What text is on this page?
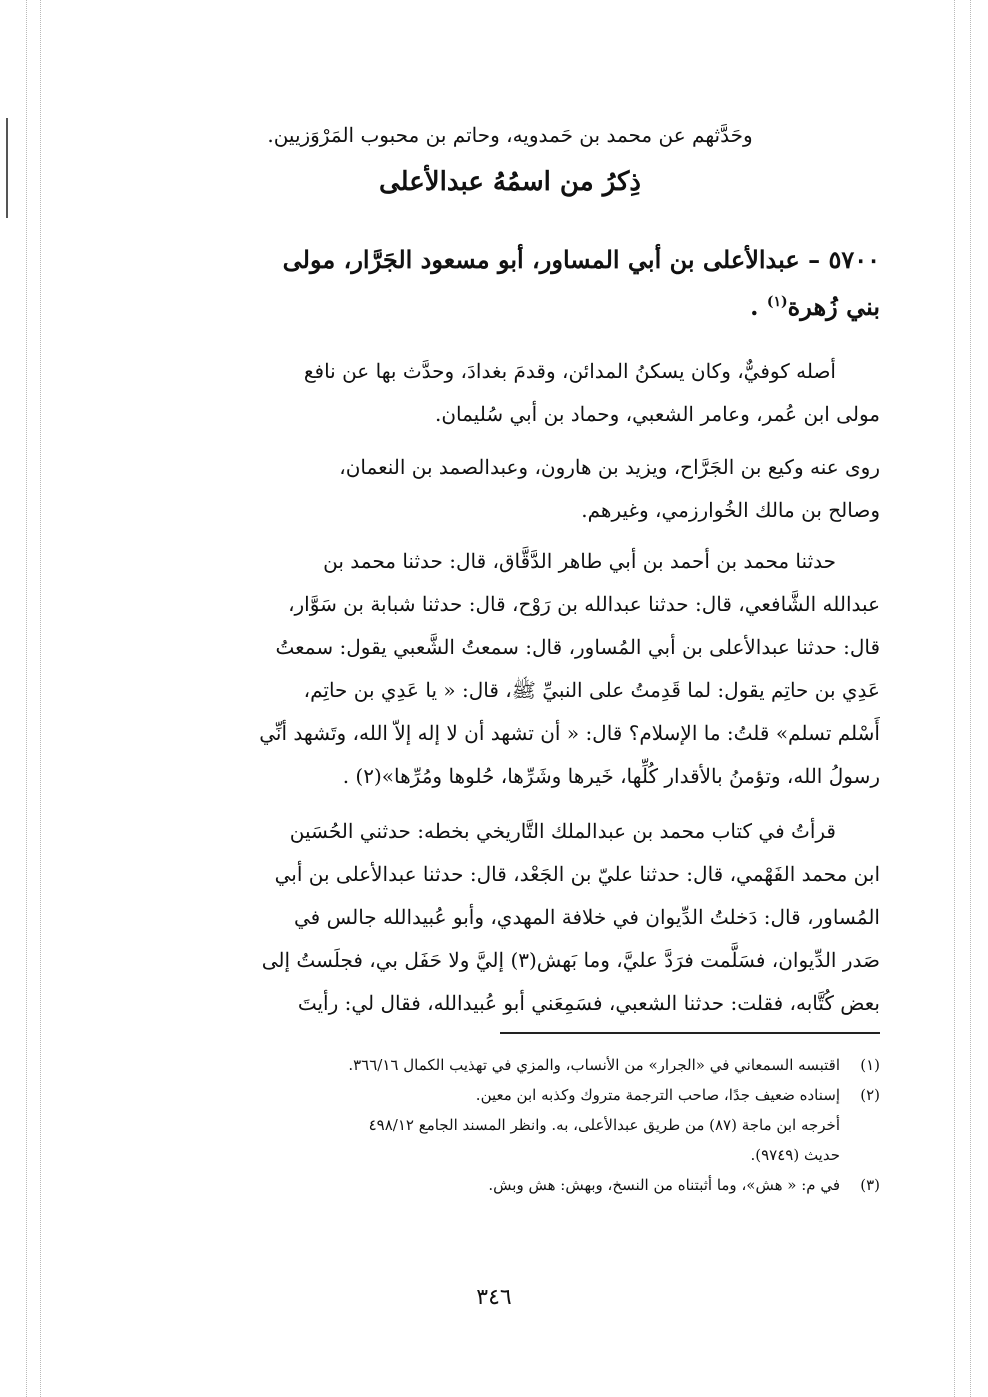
وحَدَّثهم عن محمد بن حَمدويه، وحاتم بن محبوب المَرْوَزيين.

ذِكرُ من اسمُهُ عبدالأعلى

٥٧٠٠ – عبدالأعلى بن أبي المساور، أبو مسعود الجَرَّار، مولى

بني زُهرة$^{(١)}$ .

أصله كوفيٌّ، وكان يسكنُ المدائن، وقدمَ بغدادَ، وحدَّث بها عن نافع

مولى ابن عُمر، وعامر الشعبي، وحماد بن أبي سُليمان.

روى عنه وكيع بن الجَرَّاح، ويزيد بن هارون، وعبدالصمد بن النعمان،

وصالح بن مالك الخُوارزمي، وغيرهم.

حدثنا محمد بن أحمد بن أبي طاهر الدَّقَّاق، قال: حدثنا محمد بن

عبدالله الشَّافعي، قال: حدثنا عبدالله بن رَوْح، قال: حدثنا شبابة بن سَوَّار،

قال: حدثنا عبدالأعلى بن أبي المُساور، قال: سمعتُ الشَّعبي يقول: سمعتُ

عَدِي بن حاتِم يقول: لما قَدِمتُ على النبيِّ ﷺ، قال: « يا عَدِي بن حاتِم،

أَسْلم تسلم» قلتُ: ما الإسلام؟ قال: « أن تشهد أن لا إله إلاّ الله، وتَشهد أنِّي

رسولُ الله، وتؤمنُ بالأقدار كُلِّها، خَيرها وشَرِّها، حُلوها ومُرِّها»(٢) .

قرأتُ في كتاب محمد بن عبدالملك التَّاريخي بخطه: حدثني الحُسَين

ابن محمد الفَهْمي، قال: حدثنا عليّ بن الجَعْد، قال: حدثنا عبدالأعلى بن أبي

المُساور، قال: دَخلتُ الدِّيوان في خلافة المهدي، وأبو عُبيدالله جالس في

صَدر الدِّيوان، فسَلَّمت فرَدَّ عليَّ، وما بَهش(٣) إليَّ ولا حَفَل بي، فجلَستُ إلى

بعض كُتَّابه، فقلت: حدثنا الشعبي، فسَمِعَني أبو عُبيدالله، فقال لي: رأيتَ

(١)اقتبسه السمعاني في «الجرار» من الأنساب، والمزي في تهذيب الكمال ٣٦٦/١٦.
(٢)إسناده ضعيف جدًا، صاحب الترجمة متروك وكذبه ابن معين.
أخرجه ابن ماجة (٨٧) من طريق عبدالأعلى، به. وانظر المسند الجامع ٤٩٨/١٢
حديث (٩٧٤٩).
(٣)في م: « هش»، وما أثبتناه من النسخ، وبهش: هش وبش.
٣٤٦
